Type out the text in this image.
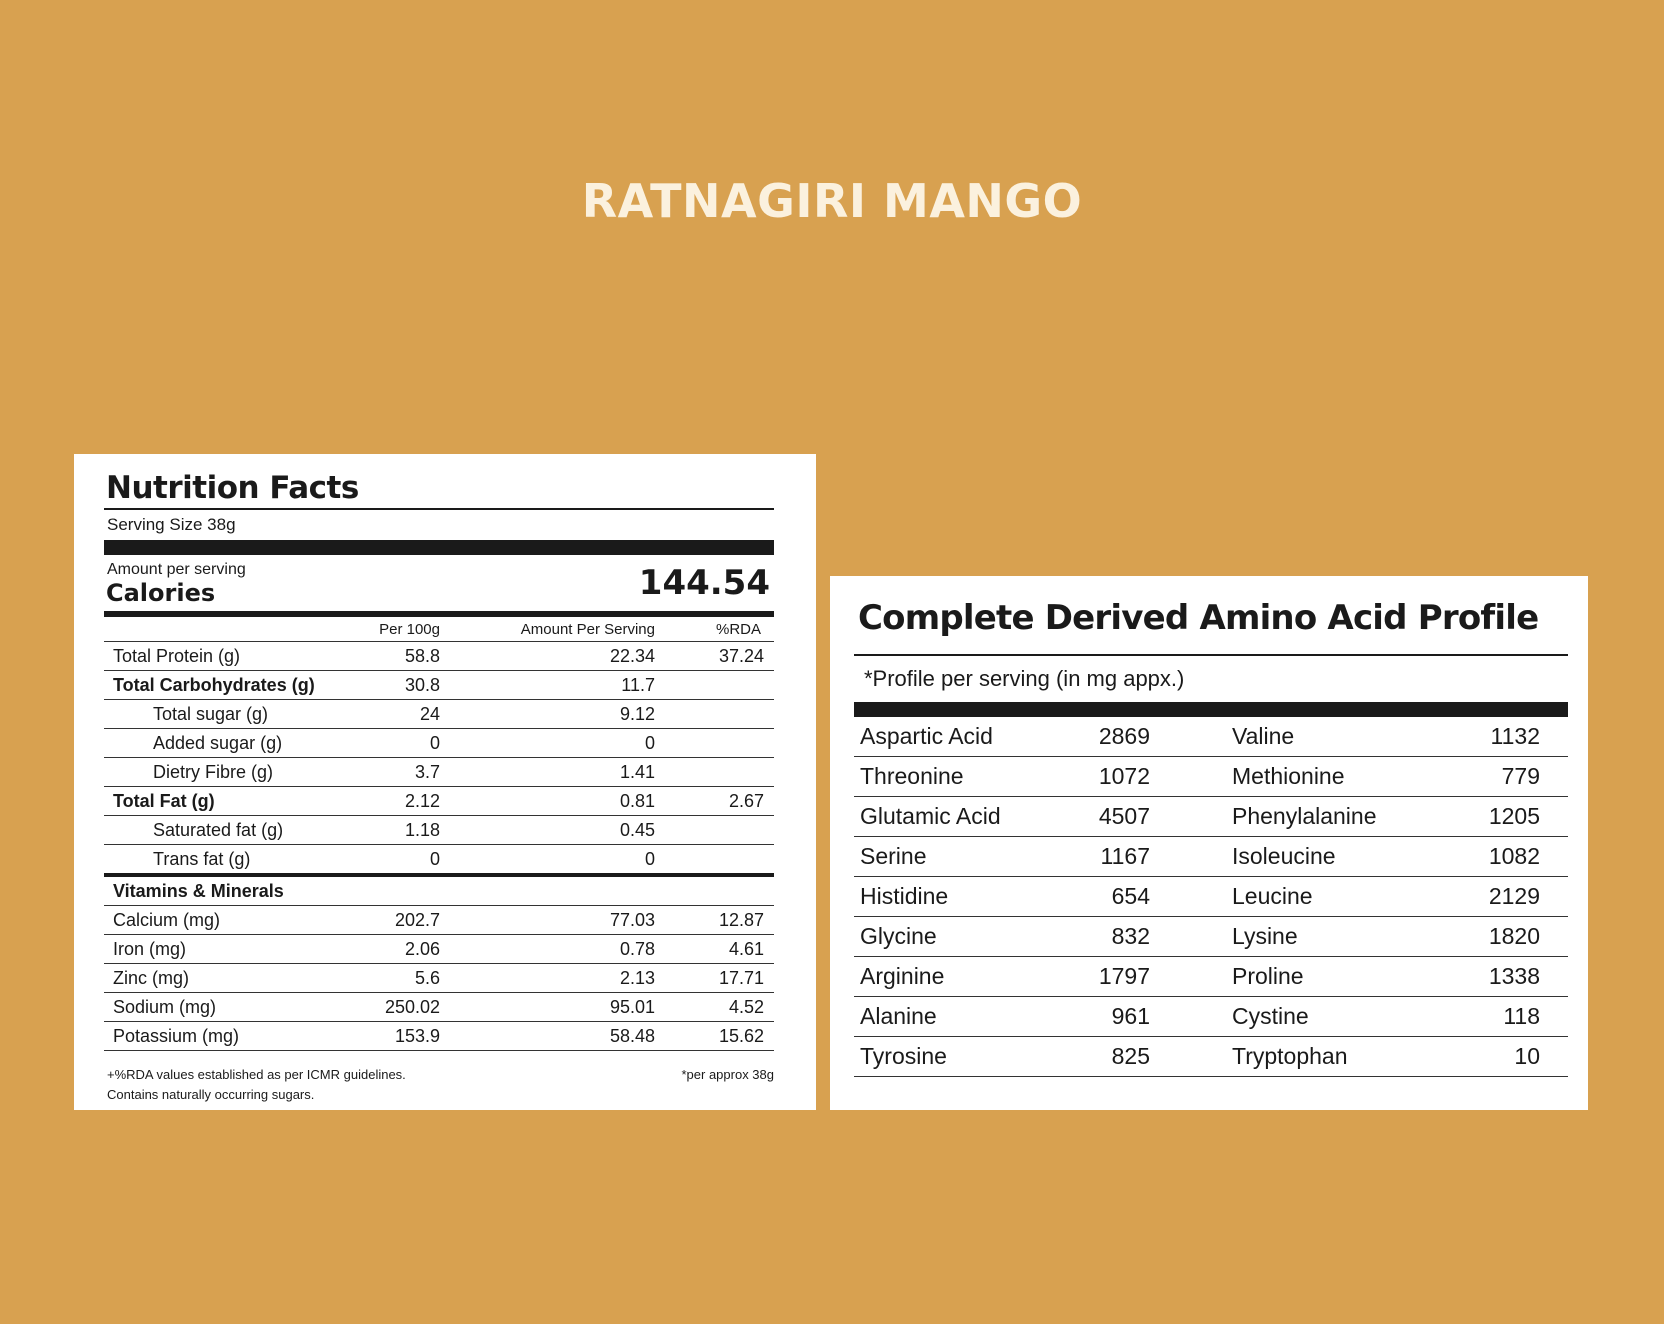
RATNAGIRI MANGO
Nutrition Facts
Serving Size 38g
Amount per serving
Calories	144.54
Per 100g	Amount Per Serving	%RDA
Total Protein (g)	58.8	22.34	37.24
Total Carbohydrates (g)	30.8	11.7
Total sugar (g)	24	9.12
Added sugar (g)	0	0
Dietry Fibre (g)	3.7	1.41
Total Fat (g)	2.12	0.81	2.67
Saturated fat (g)	1.18	0.45
Trans fat (g)	0	0
Vitamins & Minerals
Calcium (mg)	202.7	77.03	12.87
Iron (mg)	2.06	0.78	4.61
Zinc (mg)	5.6	2.13	17.71
Sodium (mg)	250.02	95.01	4.52
Potassium (mg)	153.9	58.48	15.62
+%RDA values established as per ICMR guidelines.
Contains naturally occurring sugars.
*per approx 38g
Complete Derived Amino Acid Profile
*Profile per serving (in mg appx.)
Aspartic Acid	2869	Valine	1132
Threonine	1072	Methionine	779
Glutamic Acid	4507	Phenylalanine	1205
Serine	1167	Isoleucine	1082
Histidine	654	Leucine	2129
Glycine	832	Lysine	1820
Arginine	1797	Proline	1338
Alanine	961	Cystine	118
Tyrosine	825	Tryptophan	10
